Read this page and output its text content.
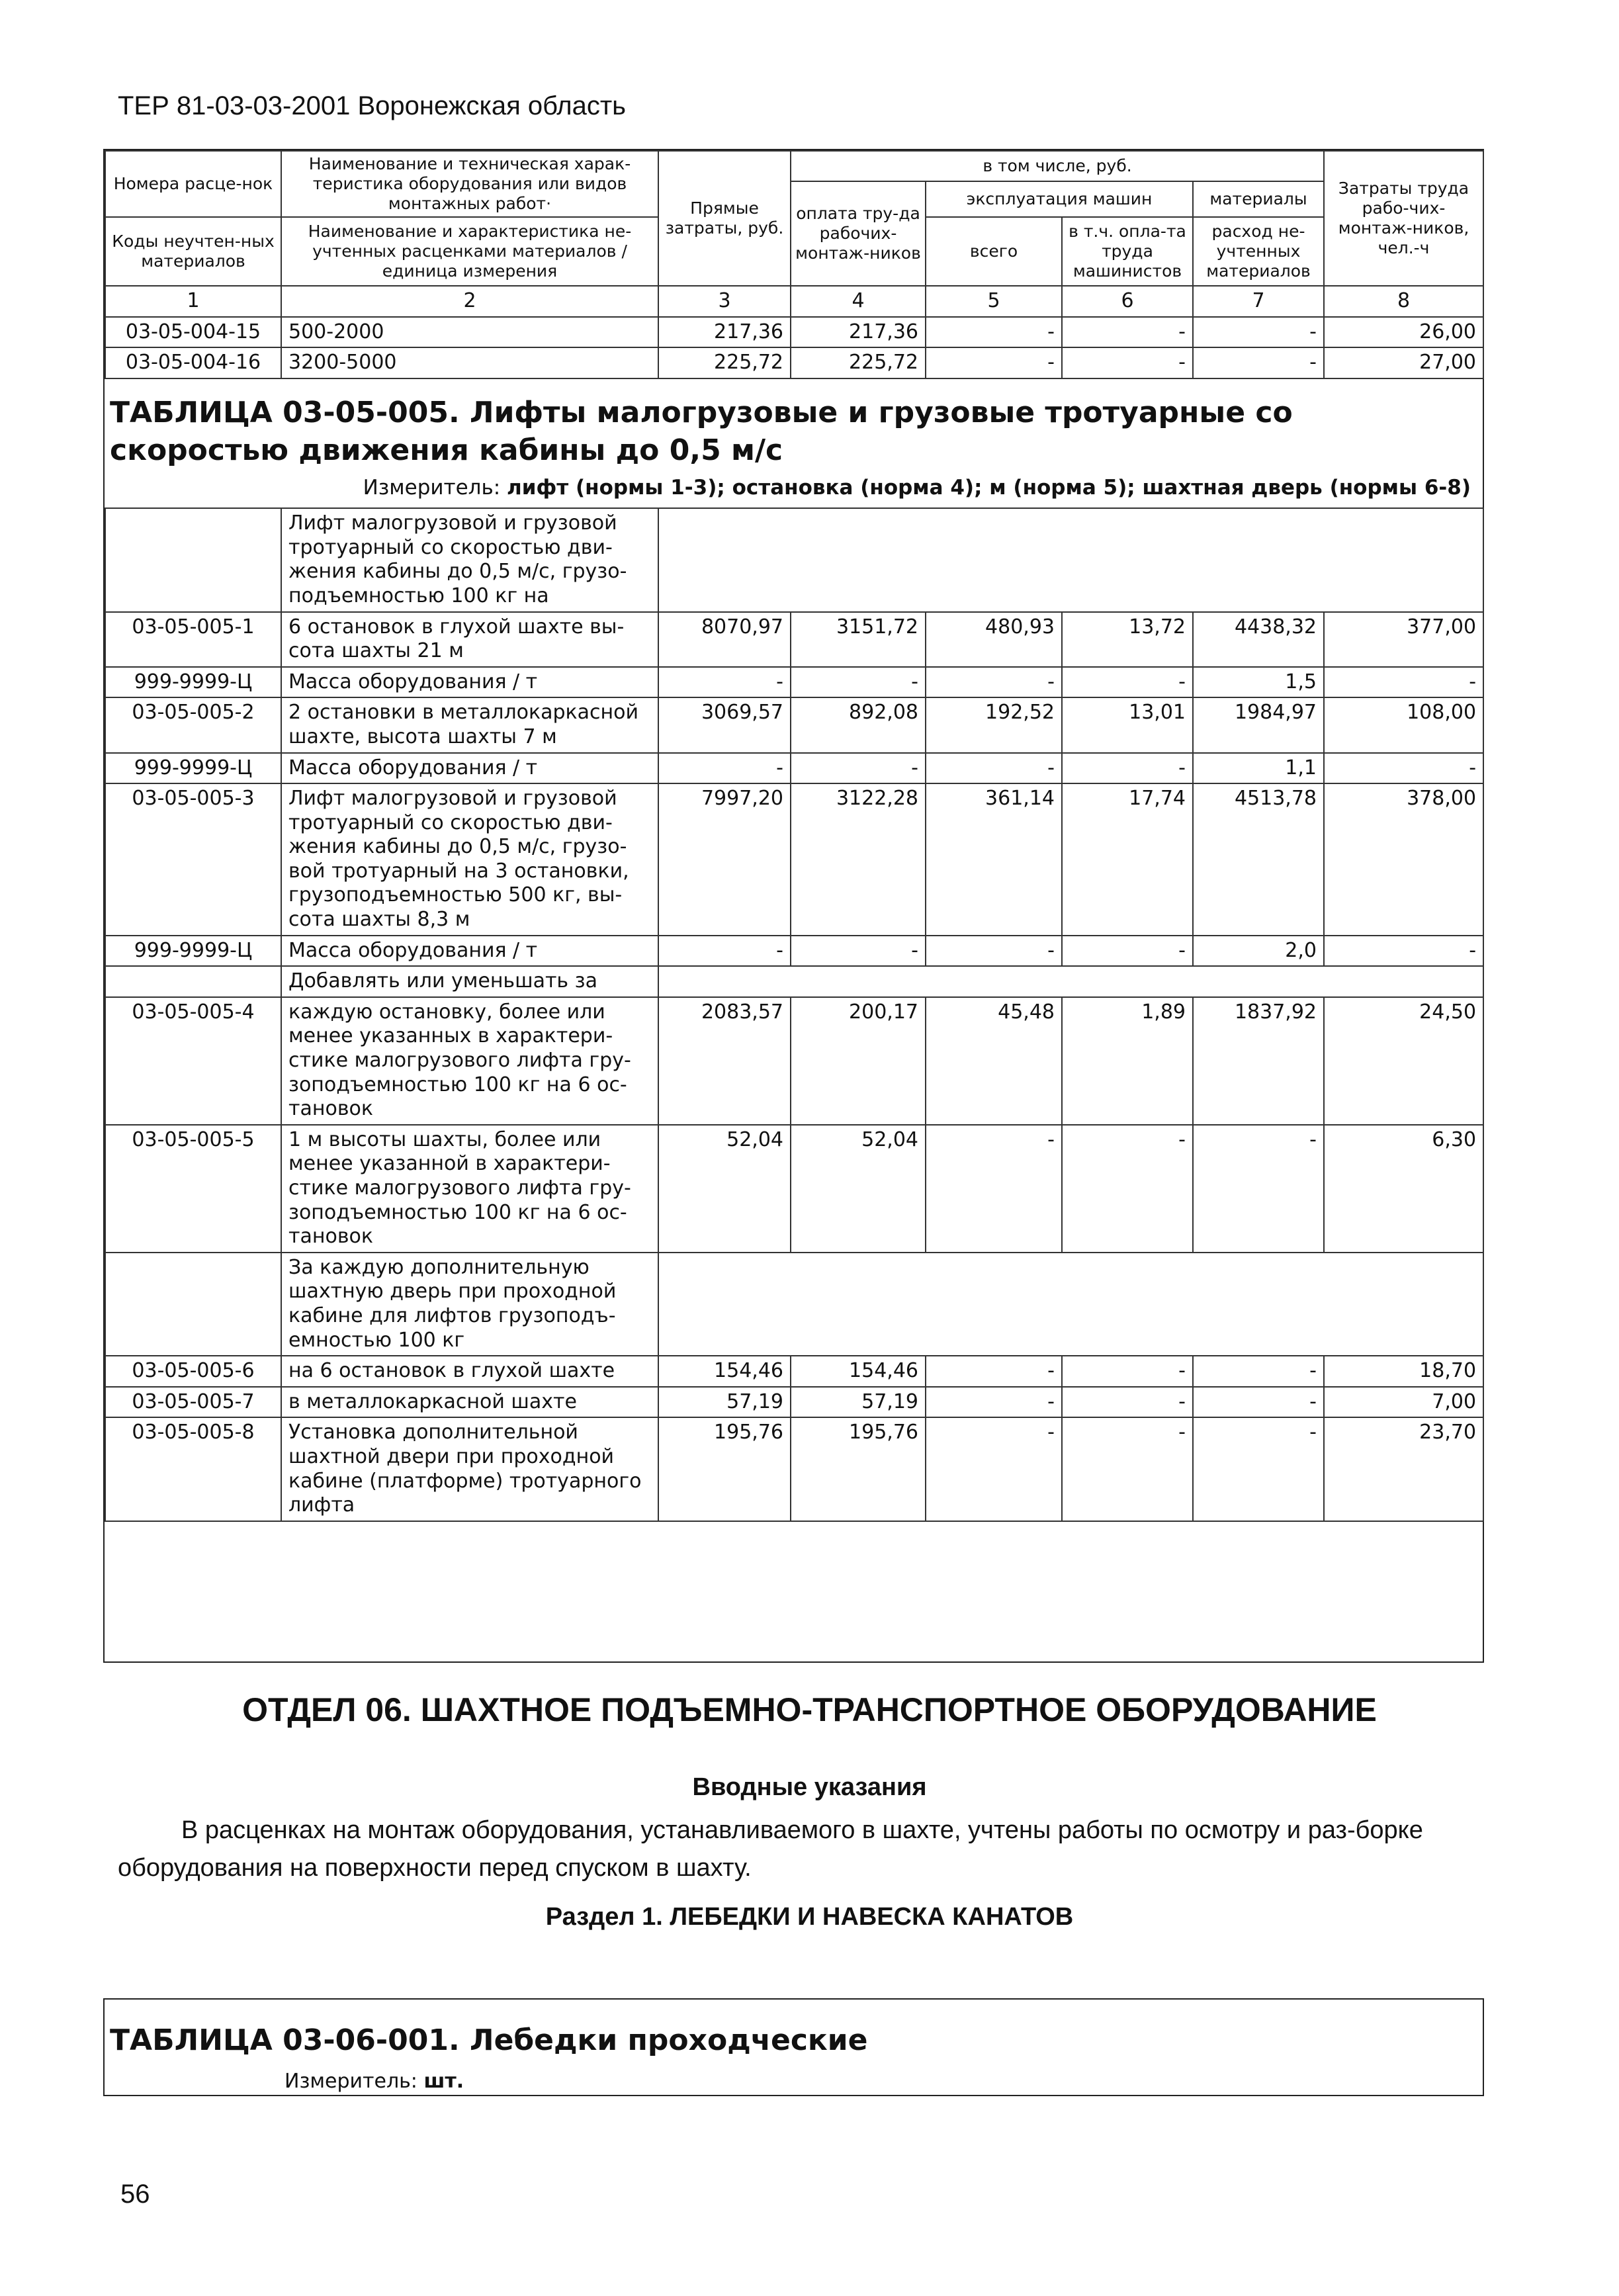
ТЕР 81-03-03-2001 Воронежская область
Номера расце-нок	Наименование и техническая харак-теристика оборудования или видов монтажных работ·	Прямые затраты, руб.	в том числе, руб.				Затраты труда рабо-чих-монтаж-ников, чел.-ч
			оплата тру-да рабочих-монтаж-ников	эксплуатация машин		материалы	
Коды неучтен-ных материалов	Наименование и характеристика не-учтенных расценками материалов / единица измерения			всего	в т.ч. опла-та труда машинистов	расход не-учтенных материалов	

1	2	3	4	5	6	7	8
03-05-004-15	500-2000	217,36	217,36	-	-	-	26,00
03-05-004-16	3200-5000	225,72	225,72	-	-	-	27,00
ТАБЛИЦА 03-05-005. Лифты малогрузовые и грузовые тротуарные со скоростью движения кабины до 0,5 м/с
Измеритель: лифт (нормы 1-3); остановка (норма 4); м (норма 5); шахтная дверь (нормы 6-8)
	Лифт малогрузовой и грузовой тротуарный со скоростью дви-жения кабины до 0,5 м/с, грузо-подъемностью 100 кг на						
03-05-005-1	6 остановок в глухой шахте вы-сота шахты 21 м	8070,97	3151,72	480,93	13,72	4438,32	377,00
999-9999-Ц	Масса оборудования / т	-	-	-	-	1,5	-
03-05-005-2	2 остановки в металлокаркасной шахте, высота шахты 7 м	3069,57	892,08	192,52	13,01	1984,97	108,00
999-9999-Ц	Масса оборудования / т	-	-	-	-	1,1	-
03-05-005-3	Лифт малогрузовой и грузовой тротуарный со скоростью дви-жения кабины до 0,5 м/с, грузо-вой тротуарный на 3 остановки, грузоподъемностью 500 кг, вы-сота шахты 8,3 м	7997,20	3122,28	361,14	17,74	4513,78	378,00
999-9999-Ц	Масса оборудования / т	-	-	-	-	2,0	-
	Добавлять или уменьшать за						
03-05-005-4	каждую остановку, более или менее указанных в характери-стике малогрузового лифта гру-зоподъемностью 100 кг на 6 ос-тановок	2083,57	200,17	45,48	1,89	1837,92	24,50
03-05-005-5	1 м высоты шахты, более или менее указанной в характери-стике малогрузового лифта гру-зоподъемностью 100 кг на 6 ос-тановок	52,04	52,04	-	-	-	6,30
	За каждую дополнительную шахтную дверь при проходной кабине для лифтов грузоподъ-емностью 100 кг						
03-05-005-6	на 6 остановок в глухой шахте	154,46	154,46	-	-	-	18,70
03-05-005-7	в металлокаркасной шахте	57,19	57,19	-	-	-	7,00
03-05-005-8	Установка дополнительной шахтной двери при проходной кабине (платформе) тротуарного лифта	195,76	195,76	-	-	-	23,70
ОТДЕЛ 06. ШАХТНОЕ ПОДЪЕМНО-ТРАНСПОРТНОЕ ОБОРУДОВАНИЕ
Вводные указания
В расценках на монтаж оборудования, устанавливаемого в шахте, учтены работы по осмотру и раз-борке оборудования на поверхности перед спуском в шахту.
Раздел 1. ЛЕБЕДКИ И НАВЕСКА КАНАТОВ
ТАБЛИЦА 03-06-001. Лебедки проходческие
Измеритель: шт.
56
